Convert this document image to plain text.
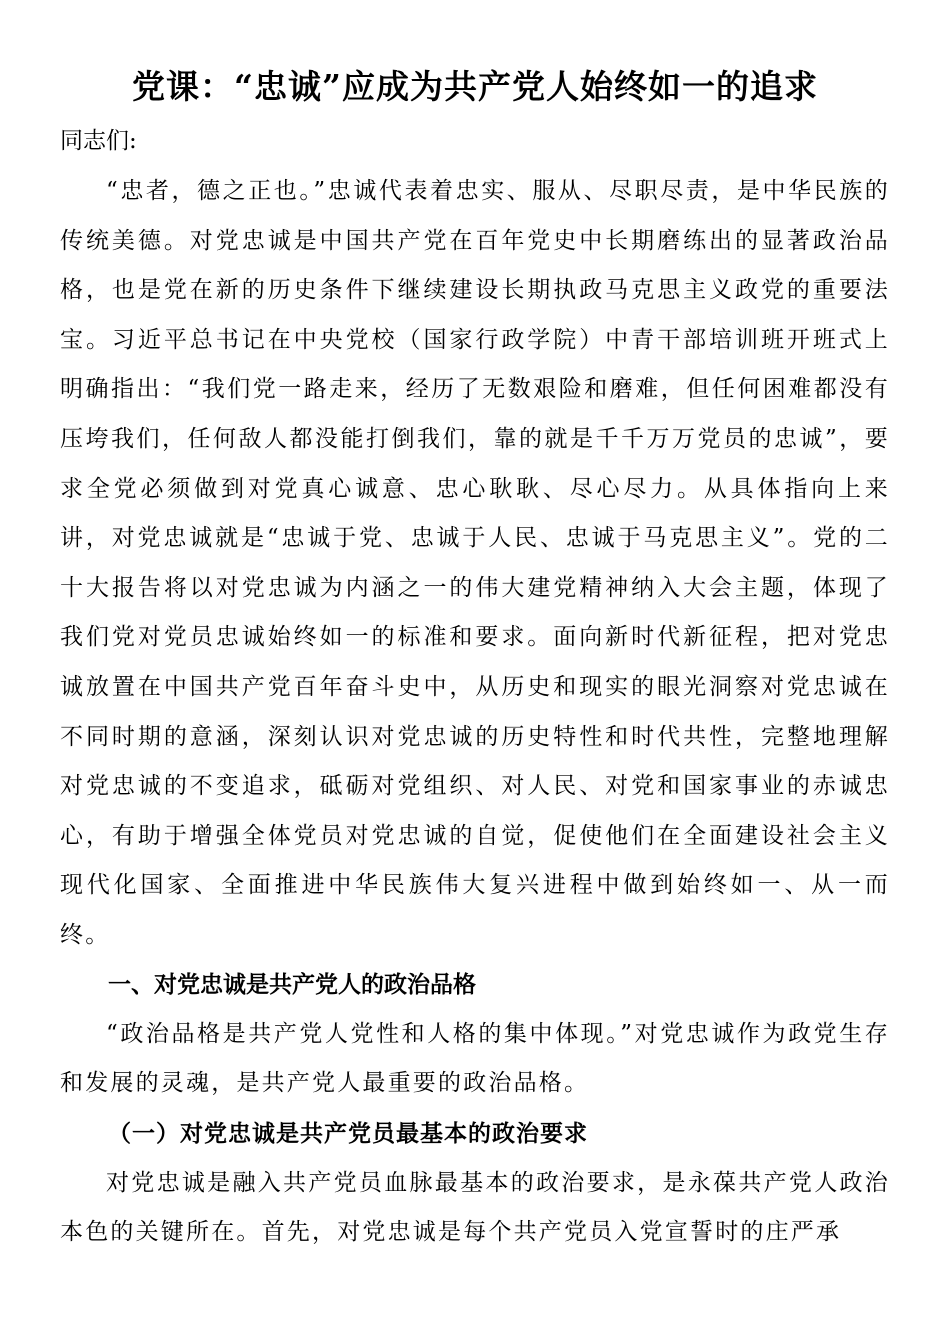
党课：“忠诚”应成为共产党人始终如一的追求

同志们:

“忠者，德之正也。”忠诚代表着忠实、服从、尽职尽责，是中华民族的传统美德。对党忠诚是中国共产党在百年党史中长期磨练出的显著政治品格，也是党在新的历史条件下继续建设长期执政马克思主义政党的重要法宝。习近平总书记在中央党校（国家行政学院）中青干部培训班开班式上明确指出：“我们党一路走来，经历了无数艰险和磨难，但任何困难都没有压垮我们，任何敌人都没能打倒我们，靠的就是千千万万党员的忠诚”，要求全党必须做到对党真心诚意、忠心耿耿、尽心尽力。从具体指向上来讲，对党忠诚就是“忠诚于党、忠诚于人民、忠诚于马克思主义”。党的二十大报告将以对党忠诚为内涵之一的伟大建党精神纳入大会主题，体现了我们党对党员忠诚始终如一的标准和要求。面向新时代新征程，把对党忠诚放置在中国共产党百年奋斗史中，从历史和现实的眼光洞察对党忠诚在不同时期的意涵，深刻认识对党忠诚的历史特性和时代共性，完整地理解对党忠诚的不变追求，砥砺对党组织、对人民、对党和国家事业的赤诚忠心，有助于增强全体党员对党忠诚的自觉，促使他们在全面建设社会主义现代化国家、全面推进中华民族伟大复兴进程中做到始终如一、从一而终。

一、对党忠诚是共产党人的政治品格

“政治品格是共产党人党性和人格的集中体现。”对党忠诚作为政党生存和发展的灵魂，是共产党人最重要的政治品格。

（一）对党忠诚是共产党员最基本的政治要求

对党忠诚是融入共产党员血脉最基本的政治要求，是永葆共产党人政治本色的关键所在。首先，对党忠诚是每个共产党员入党宣誓时的庄严承
